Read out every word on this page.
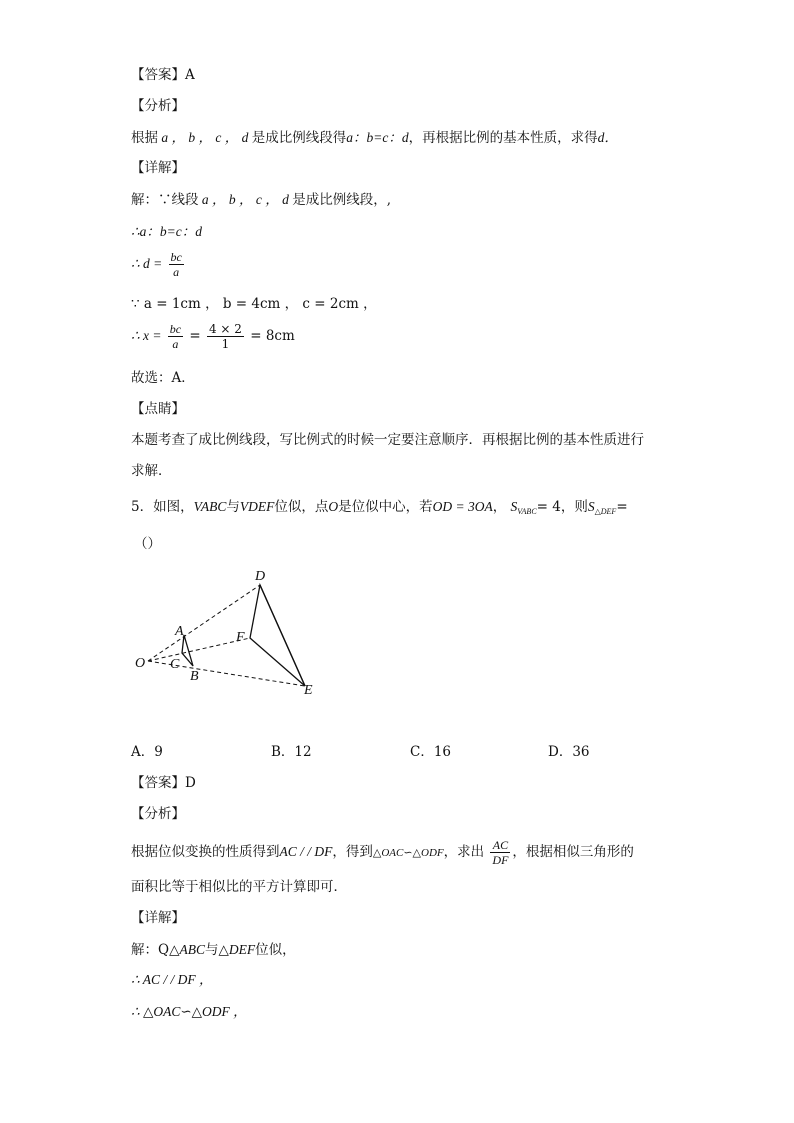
【答案】A
【分析】
根据 a ， b ， c ， d 是成比例线段得a：b=c：d，再根据比例的基本性质，求得d．
【详解】
解：∵线段 a ， b ， c ， d 是成比例线段，,
∴a：b=c：d
∴ $d = \frac{bc}{a}$
∵ a = 1cm ， b = 4cm ， c = 2cm ，
∴ $x = \frac{bc}{a} = \frac{4 \times 2}{1} = 8cm$
故选：A．
【点睛】
本题考查了成比例线段，写比例式的时候一定要注意顺序．再根据比例的基本性质进行
求解．
5．如图，VABC与VDEF位似，点O是位似中心，若OD = 3OA， $S_{VABC}= 4$，则$S_{\triangle DEF}=$
（）
D
A	F
O C
B
E
A．9	B．12	C．16	D．36
【答案】D
【分析】
根据位似变换的性质得到AC / / DF，得到△OAC∽△ODF，求出 $\frac{AC}{DF}$ ，根据相似三角形的
面积比等于相似比的平方计算即可．
【详解】
解：Q△ABC与△DEF位似，
∴ AC / / DF ，
∴ △OAC∽△ODF ，
